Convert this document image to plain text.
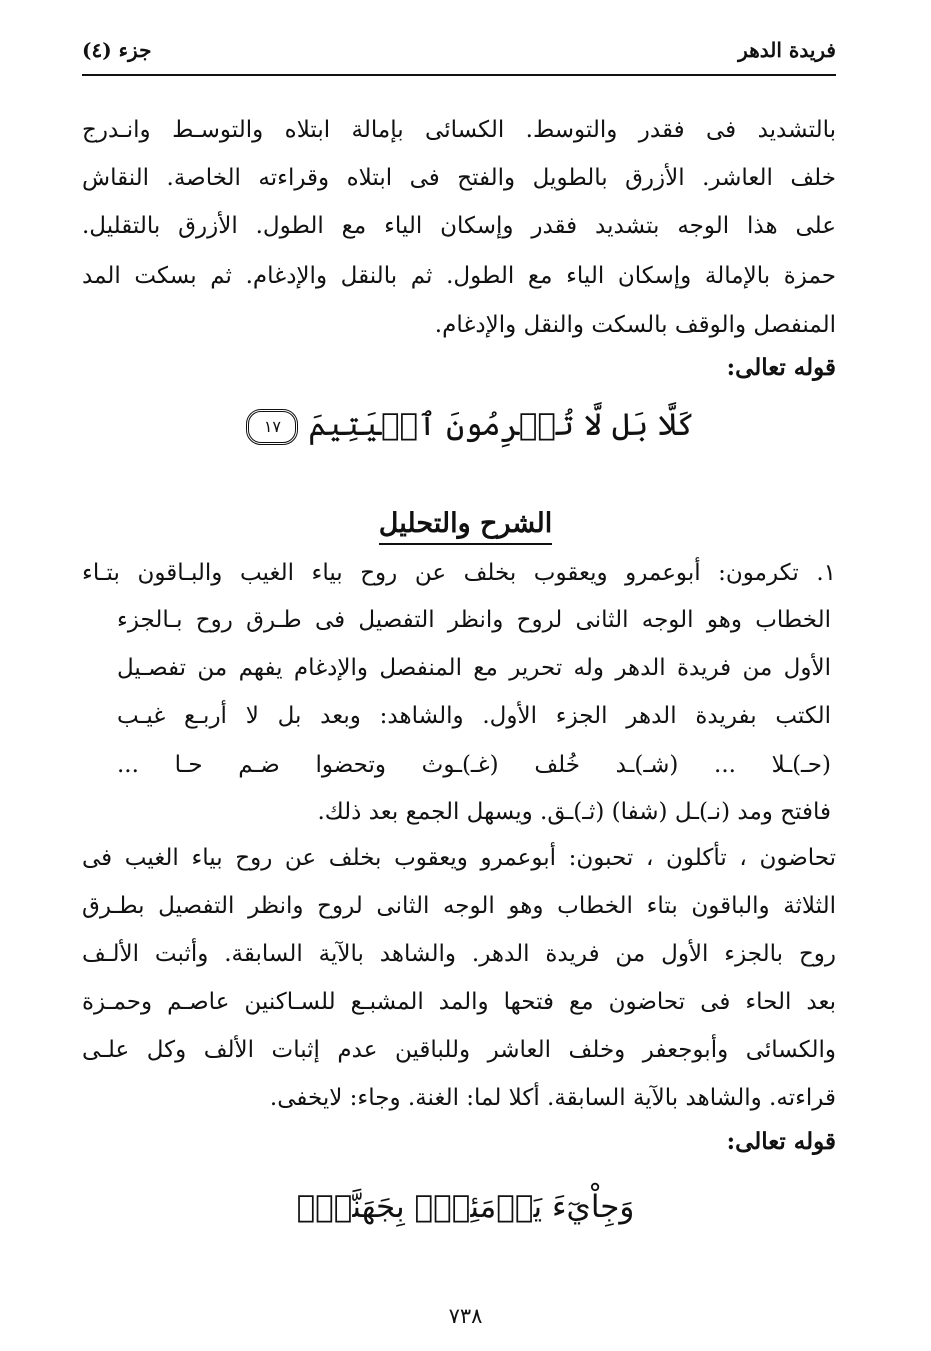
فريدة الدهر
جزء (٤)
بالتشديد فى فقدر والتوسط. الكسائى بإمالة ابتلاه والتوسـط وانـدرج
خلف العاشر. الأزرق بالطويل والفتح فى ابتلاه وقراءته الخاصة. النقاش
على هذا الوجه بتشديد فقدر وإسكان الياء مع الطول. الأزرق بالتقليل.
حمزة بالإمالة وإسكان الياء مع الطول. ثم بالنقل والإدغام. ثم بسكت المد
المنفصل والوقف بالسكت والنقل والإدغام.
قوله تعالى:
كَلَّا بَل لَّا تُكۡرِمُونَ ٱلۡيَتِيمَ ١٧
الشرح والتحليل
١. تكرمون: أبوعمرو ويعقوب بخلف عن روح بياء الغيب والبـاقون بتـاء
الخطاب وهو الوجه الثانى لروح وانظر التفصيل فى طـرق روح بـالجزء
الأول من فريدة الدهر وله تحرير مع المنفصل والإدغام يفهم من تفصـيل
الكتب بفريدة الدهر الجزء الأول. والشاهد: وبعد بل لا أربـع غيـب
(حـ)ـلا ... (شـ)ـد خُلف (غـ)ـوث وتحضوا ضـم حـا ...
فافتح ومد (نـ)ـل (شفا) (ثـ)ـق. ويسهل الجمع بعد ذلك.
تحاضون ، تأكلون ، تحبون: أبوعمرو ويعقوب بخلف عن روح بياء الغيب فى
الثلاثة والباقون بتاء الخطاب وهو الوجه الثانى لروح وانظر التفصيل بطـرق
روح بالجزء الأول من فريدة الدهر. والشاهد بالآية السابقة. وأثبت الألـف
بعد الحاء فى تحاضون مع فتحها والمد المشبـع للسـاكنين عاصـم وحمـزة
والكسائى وأبوجعفر وخلف العاشر وللباقين عدم إثبات الألف وكل علـى
قراءته. والشاهد بالآية السابقة. أكلا لما: الغنة. وجاء: لايخفى.
قوله تعالى:
وَجِاْيٓءَ يَوۡمَئِذِۢ بِجَهَنَّمَۚ
٧٣٨
